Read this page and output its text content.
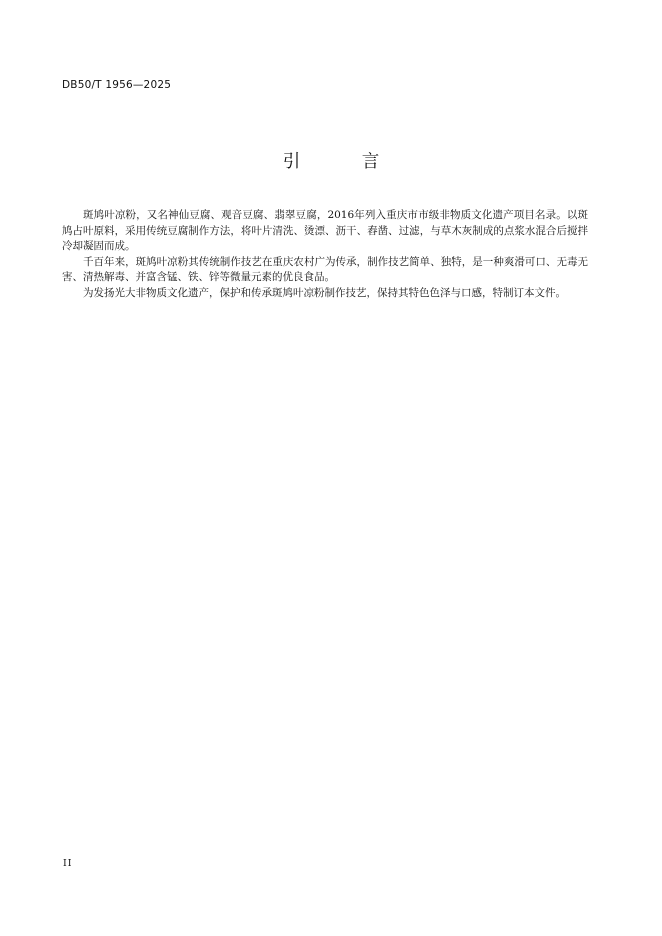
DB50/T 1956—2025
引 言

斑鸠叶凉粉，又名神仙豆腐、观音豆腐、翡翠豆腐，2016年列入重庆市市级非物质文化遗产项目名录。以斑鸠占叶原料，采用传统豆腐制作方法，将叶片清洗、烫漂、沥干、舂凿、过滤，与草木灰制成的点浆水混合后搅拌冷却凝固而成。

千百年来，斑鸠叶凉粉其传统制作技艺在重庆农村广为传承，制作技艺简单、独特，是一种爽滑可口、无毒无害、清热解毒、并富含锰、铁、锌等微量元素的优良食品。

为发扬光大非物质文化遗产，保护和传承斑鸠叶凉粉制作技艺，保持其特色色泽与口感，特制订本文件。

II
